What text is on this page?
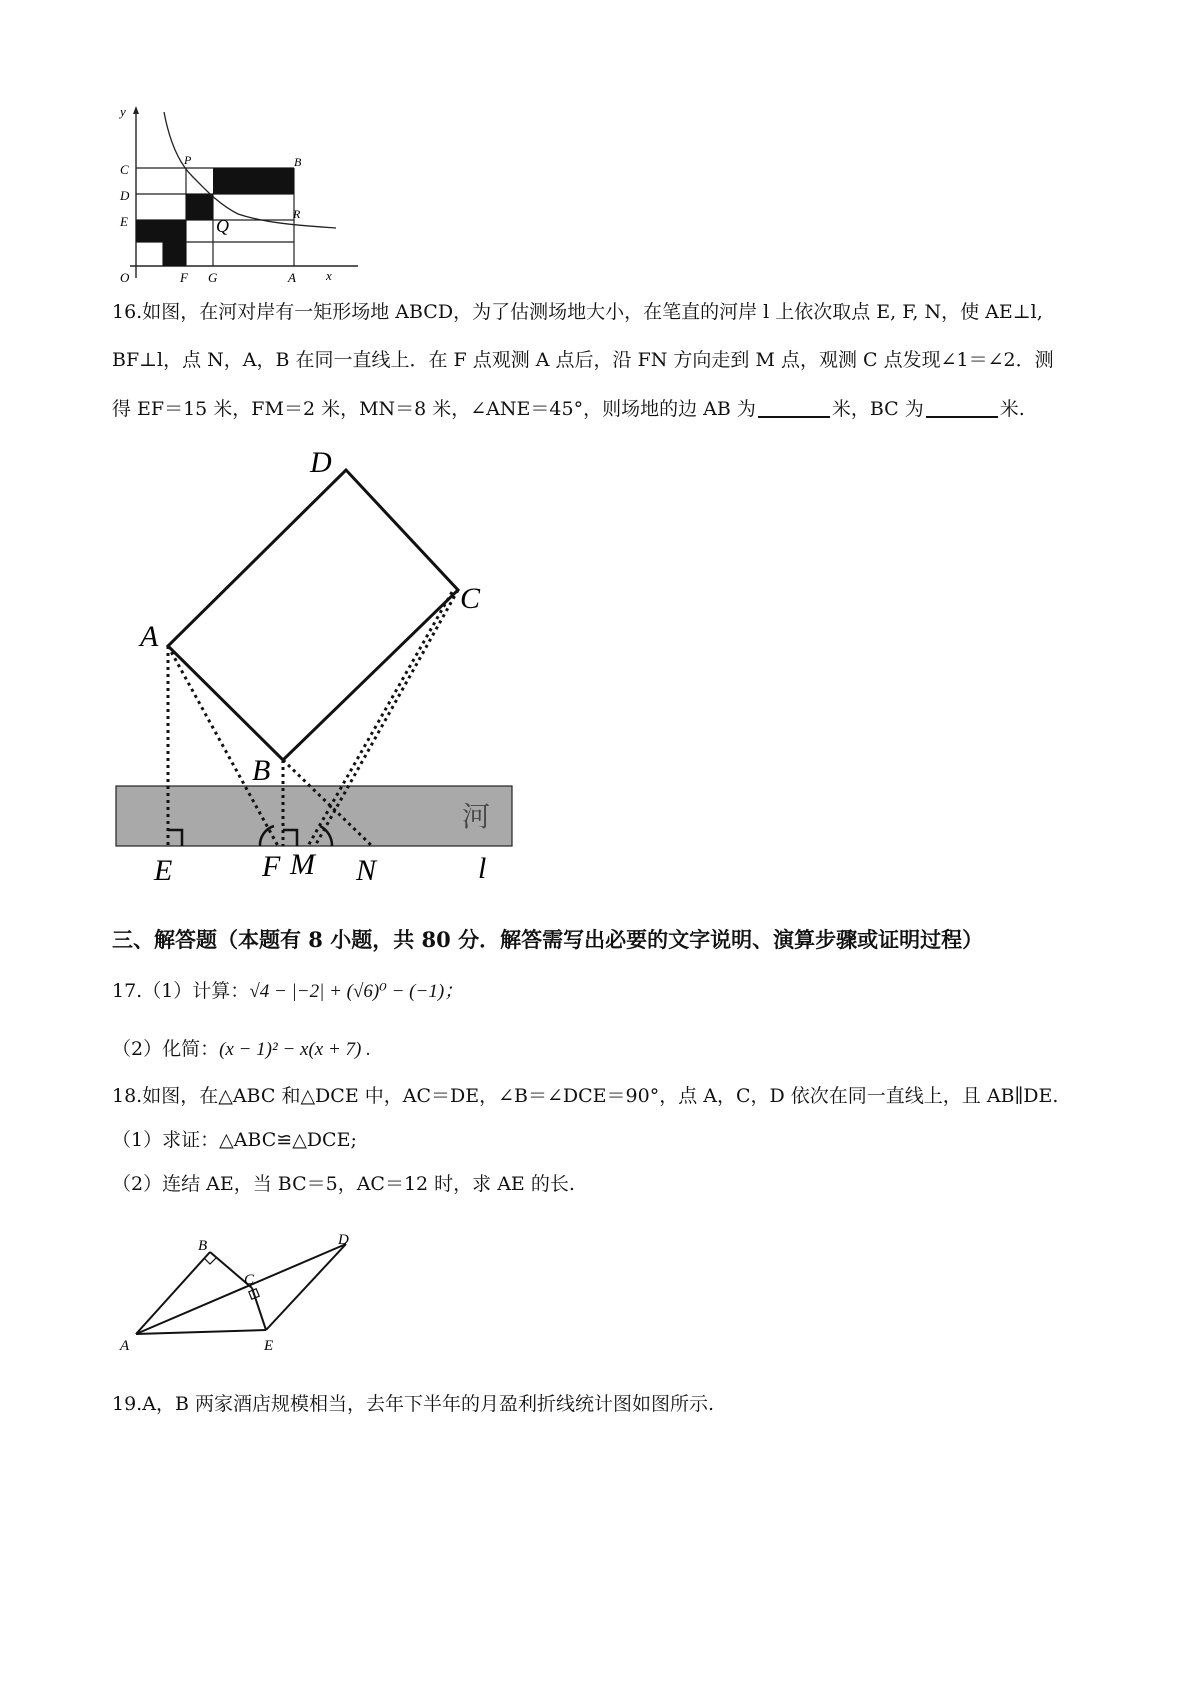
y
C
D
E
O	F G	A x
P	B
Q
R
16.如图，在河对岸有一矩形场地 ABCD，为了估测场地大小，在笔直的河岸 l 上依次取点 E, F, N，使 AE⊥l,
BF⊥l，点 N，A，B 在同一直线上．在 F 点观测 A 点后，沿 FN 方向走到 M 点，观测 C 点发现∠1＝∠2．测
得 EF＝15 米，FM＝2 米，MN＝8 米，∠ANE＝45°，则场地的边 AB 为	米，BC 为	米.
D
C
A
B
河
E	F M N	l
三、解答题（本题有 8 小题，共 80 分．解答需写出必要的文字说明、演算步骤或证明过程）
17.（1）计算：√4 − |−2| + (√6)⁰ − (−1)；
（2）化简：(x − 1)² − x(x + 7) .
18.如图，在△ABC 和△DCE 中，AC＝DE，∠B＝∠DCE＝90°，点 A，C，D 依次在同一直线上，且 AB∥DE.
（1）求证：△ABC≌△DCE;
（2）连结 AE，当 BC＝5，AC＝12 时，求 AE 的长.
B
C
D
A	E
19.A，B 两家酒店规模相当，去年下半年的月盈利折线统计图如图所示.
